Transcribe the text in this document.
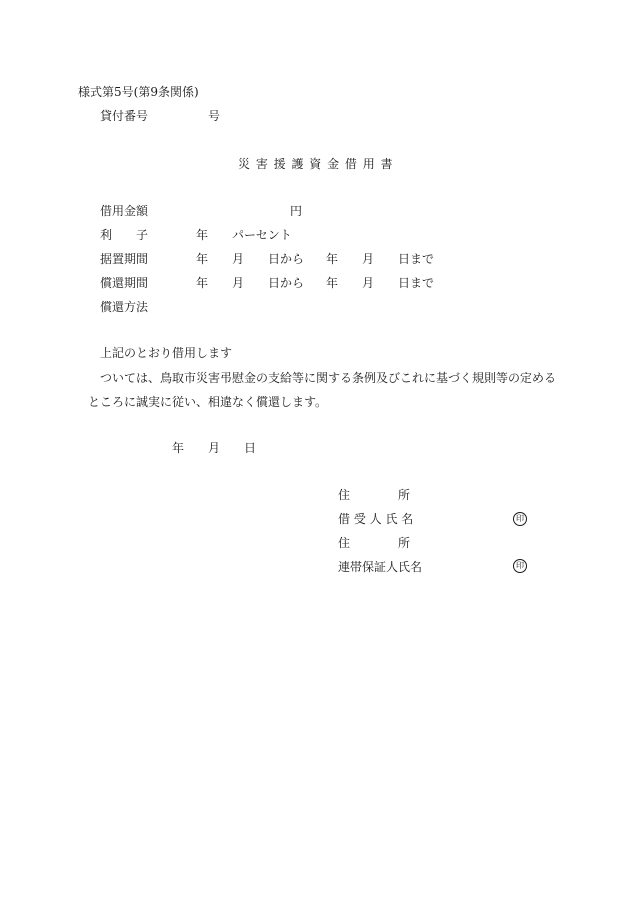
様式第5号(第9条関係)
貸付番号	号
災 害 援 護 資 金 借 用 書
借用金額	円
利　　子	年 パーセント
据置期間	年 月 日から 年 月 日まで
償還期間	年 月 日から 年 月 日まで
償還方法
上記のとおり借用します
ついては、鳥取市災害弔慰金の支給等に関する条例及びこれに基づく規則等の定める
ところに誠実に従い、相違なく償還します。
年 月 日
住　　　　所
借 受 人 氏 名	印
住　　　　所
連帯保証人氏名	印
